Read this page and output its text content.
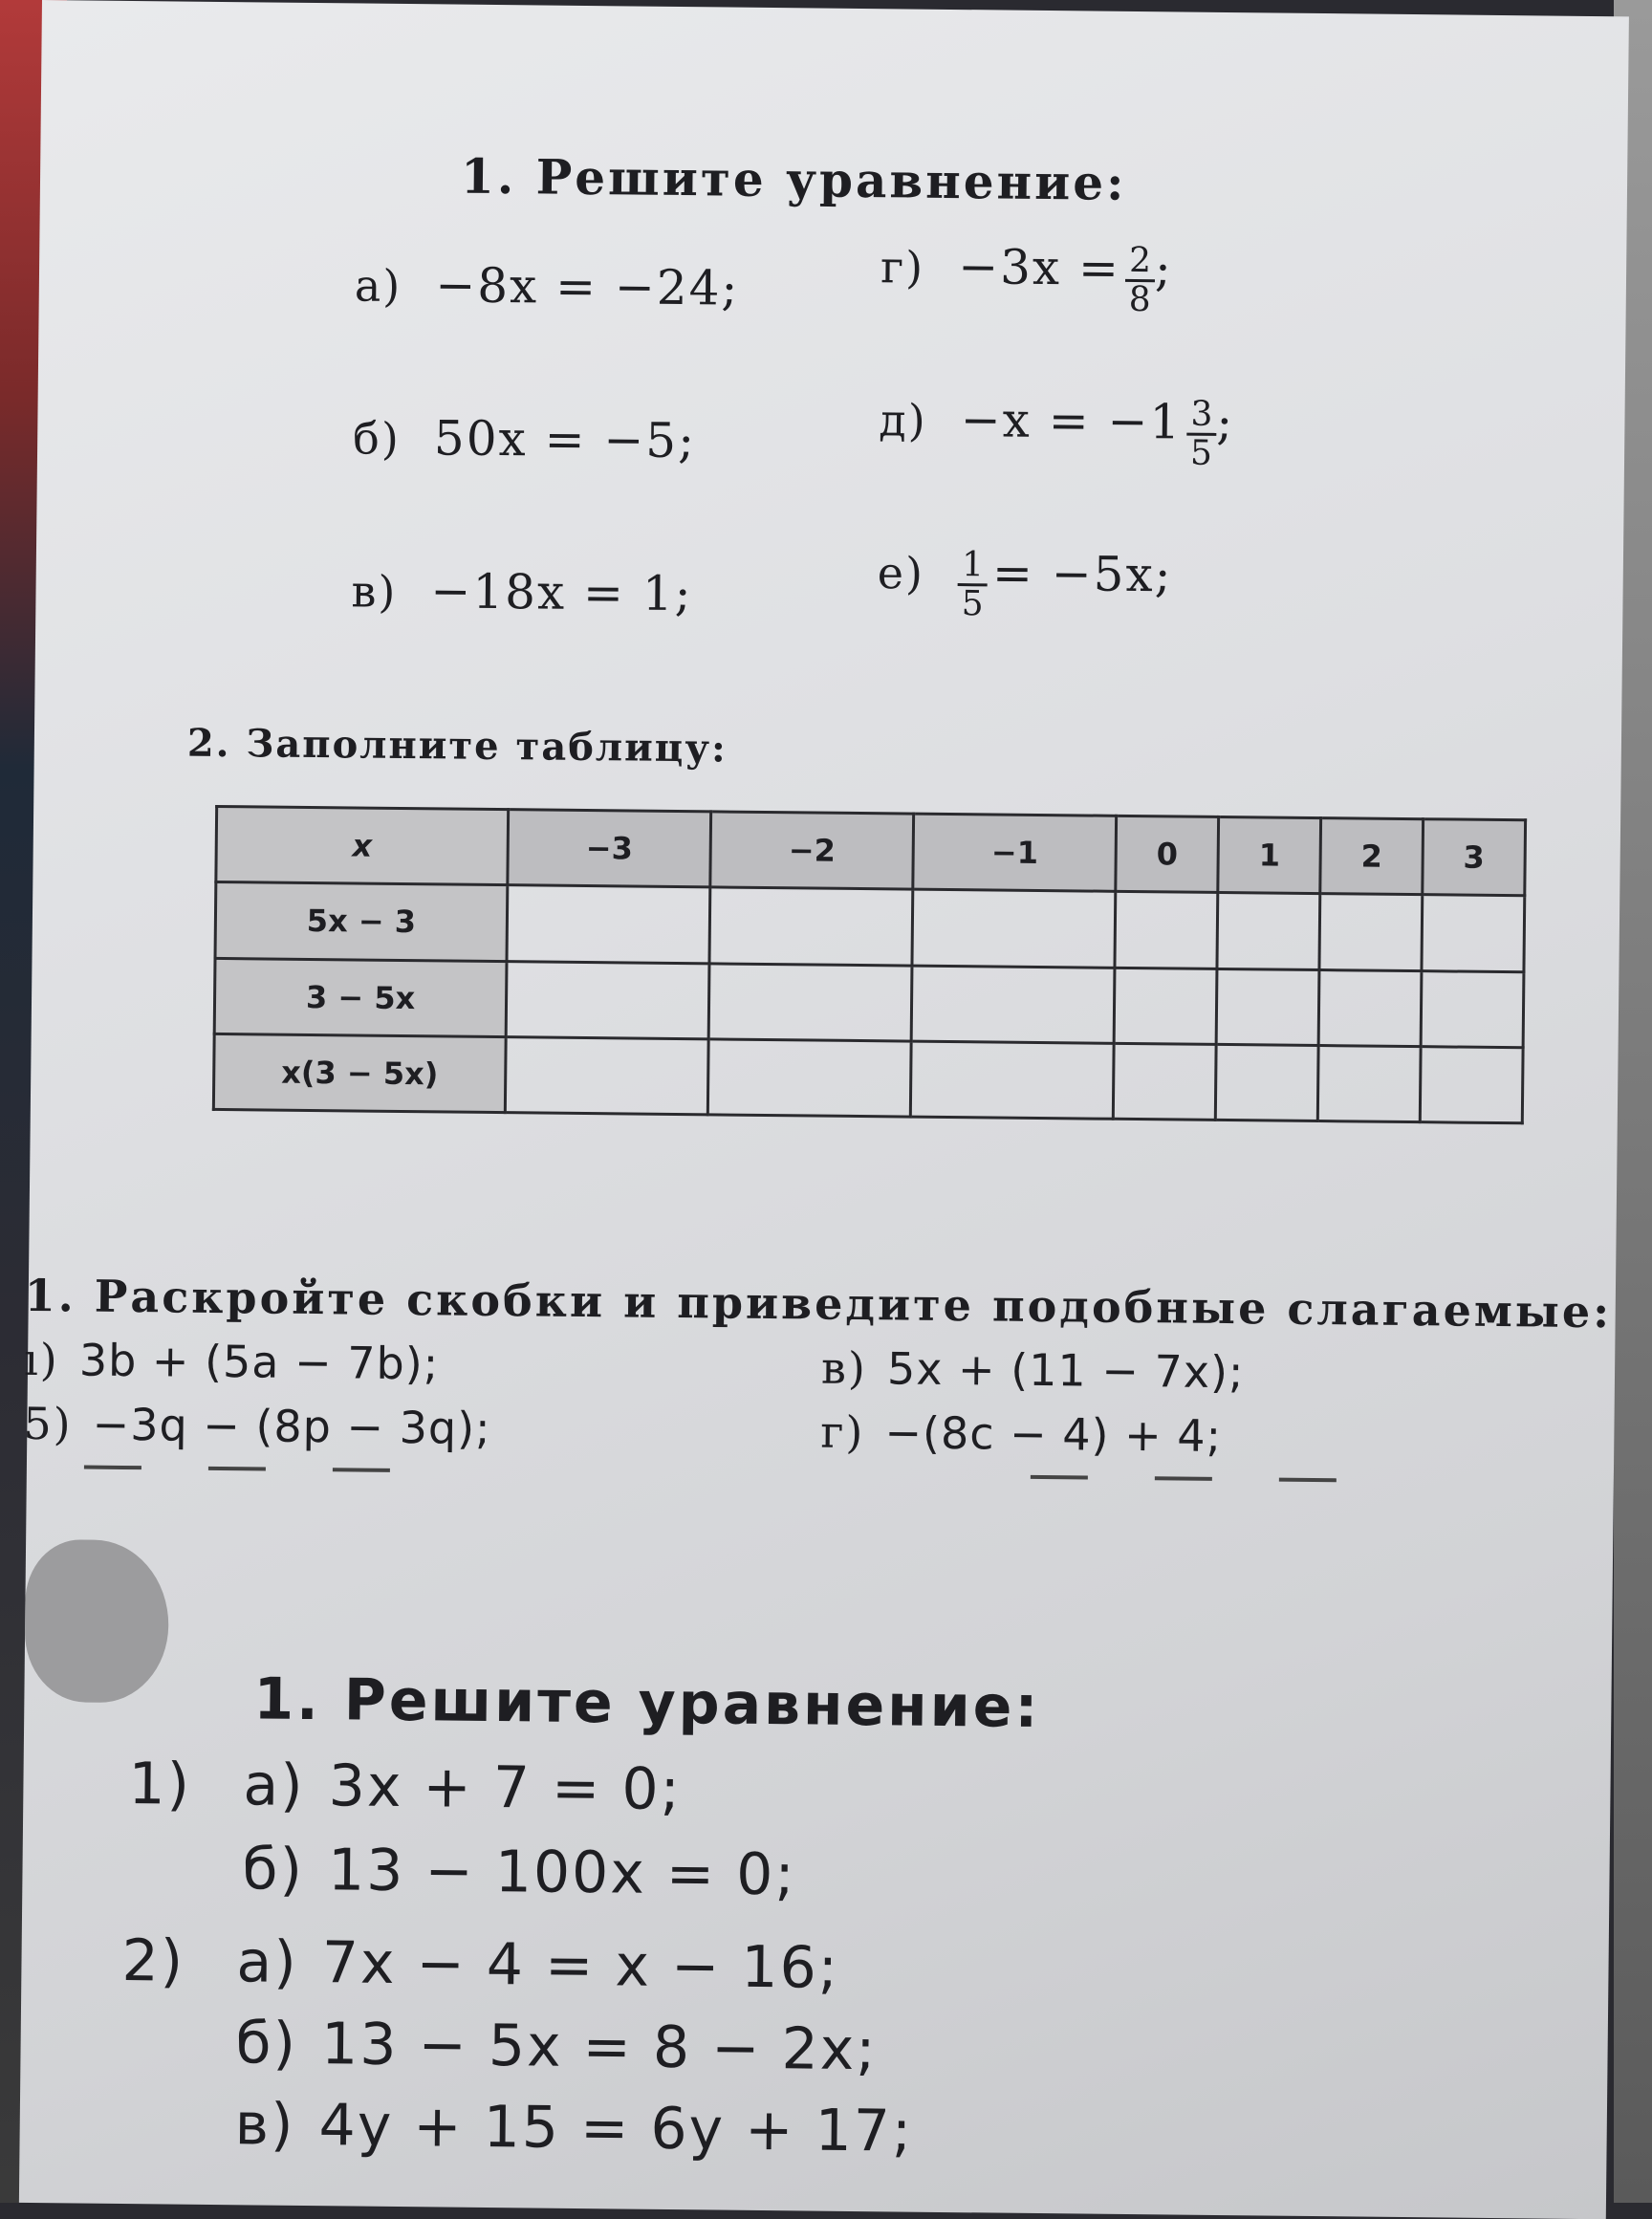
1. Решите уравнение:
а) −8x = −24;
б) 50x = −5;
в) −18x = 1;
$г) -3x = \frac{2}{8}$ ;
$д) -x = -1 \frac{3}{5}$ ;
$е) \frac{1}{5} = -5x$;
2. Заполните таблицу:
x	−3	−2	−1	0	1	2	3
5x − 3							
3 − 5x							
x(3 − 5x)							
1. Раскройте скобки и приведите подобные слагаемые:
ı) 3b + (5a − 7b);
5) −3q − (8p − 3q);
в) 5x + (11 − 7x);
г) −(8c − 4) + 4;
1. Решите уравнение:
1) а) 3x + 7 = 0;
б) 13 − 100x = 0;
2) а) 7x − 4 = x − 16;
б) 13 − 5x = 8 − 2x;
в) 4y + 15 = 6y + 17;
